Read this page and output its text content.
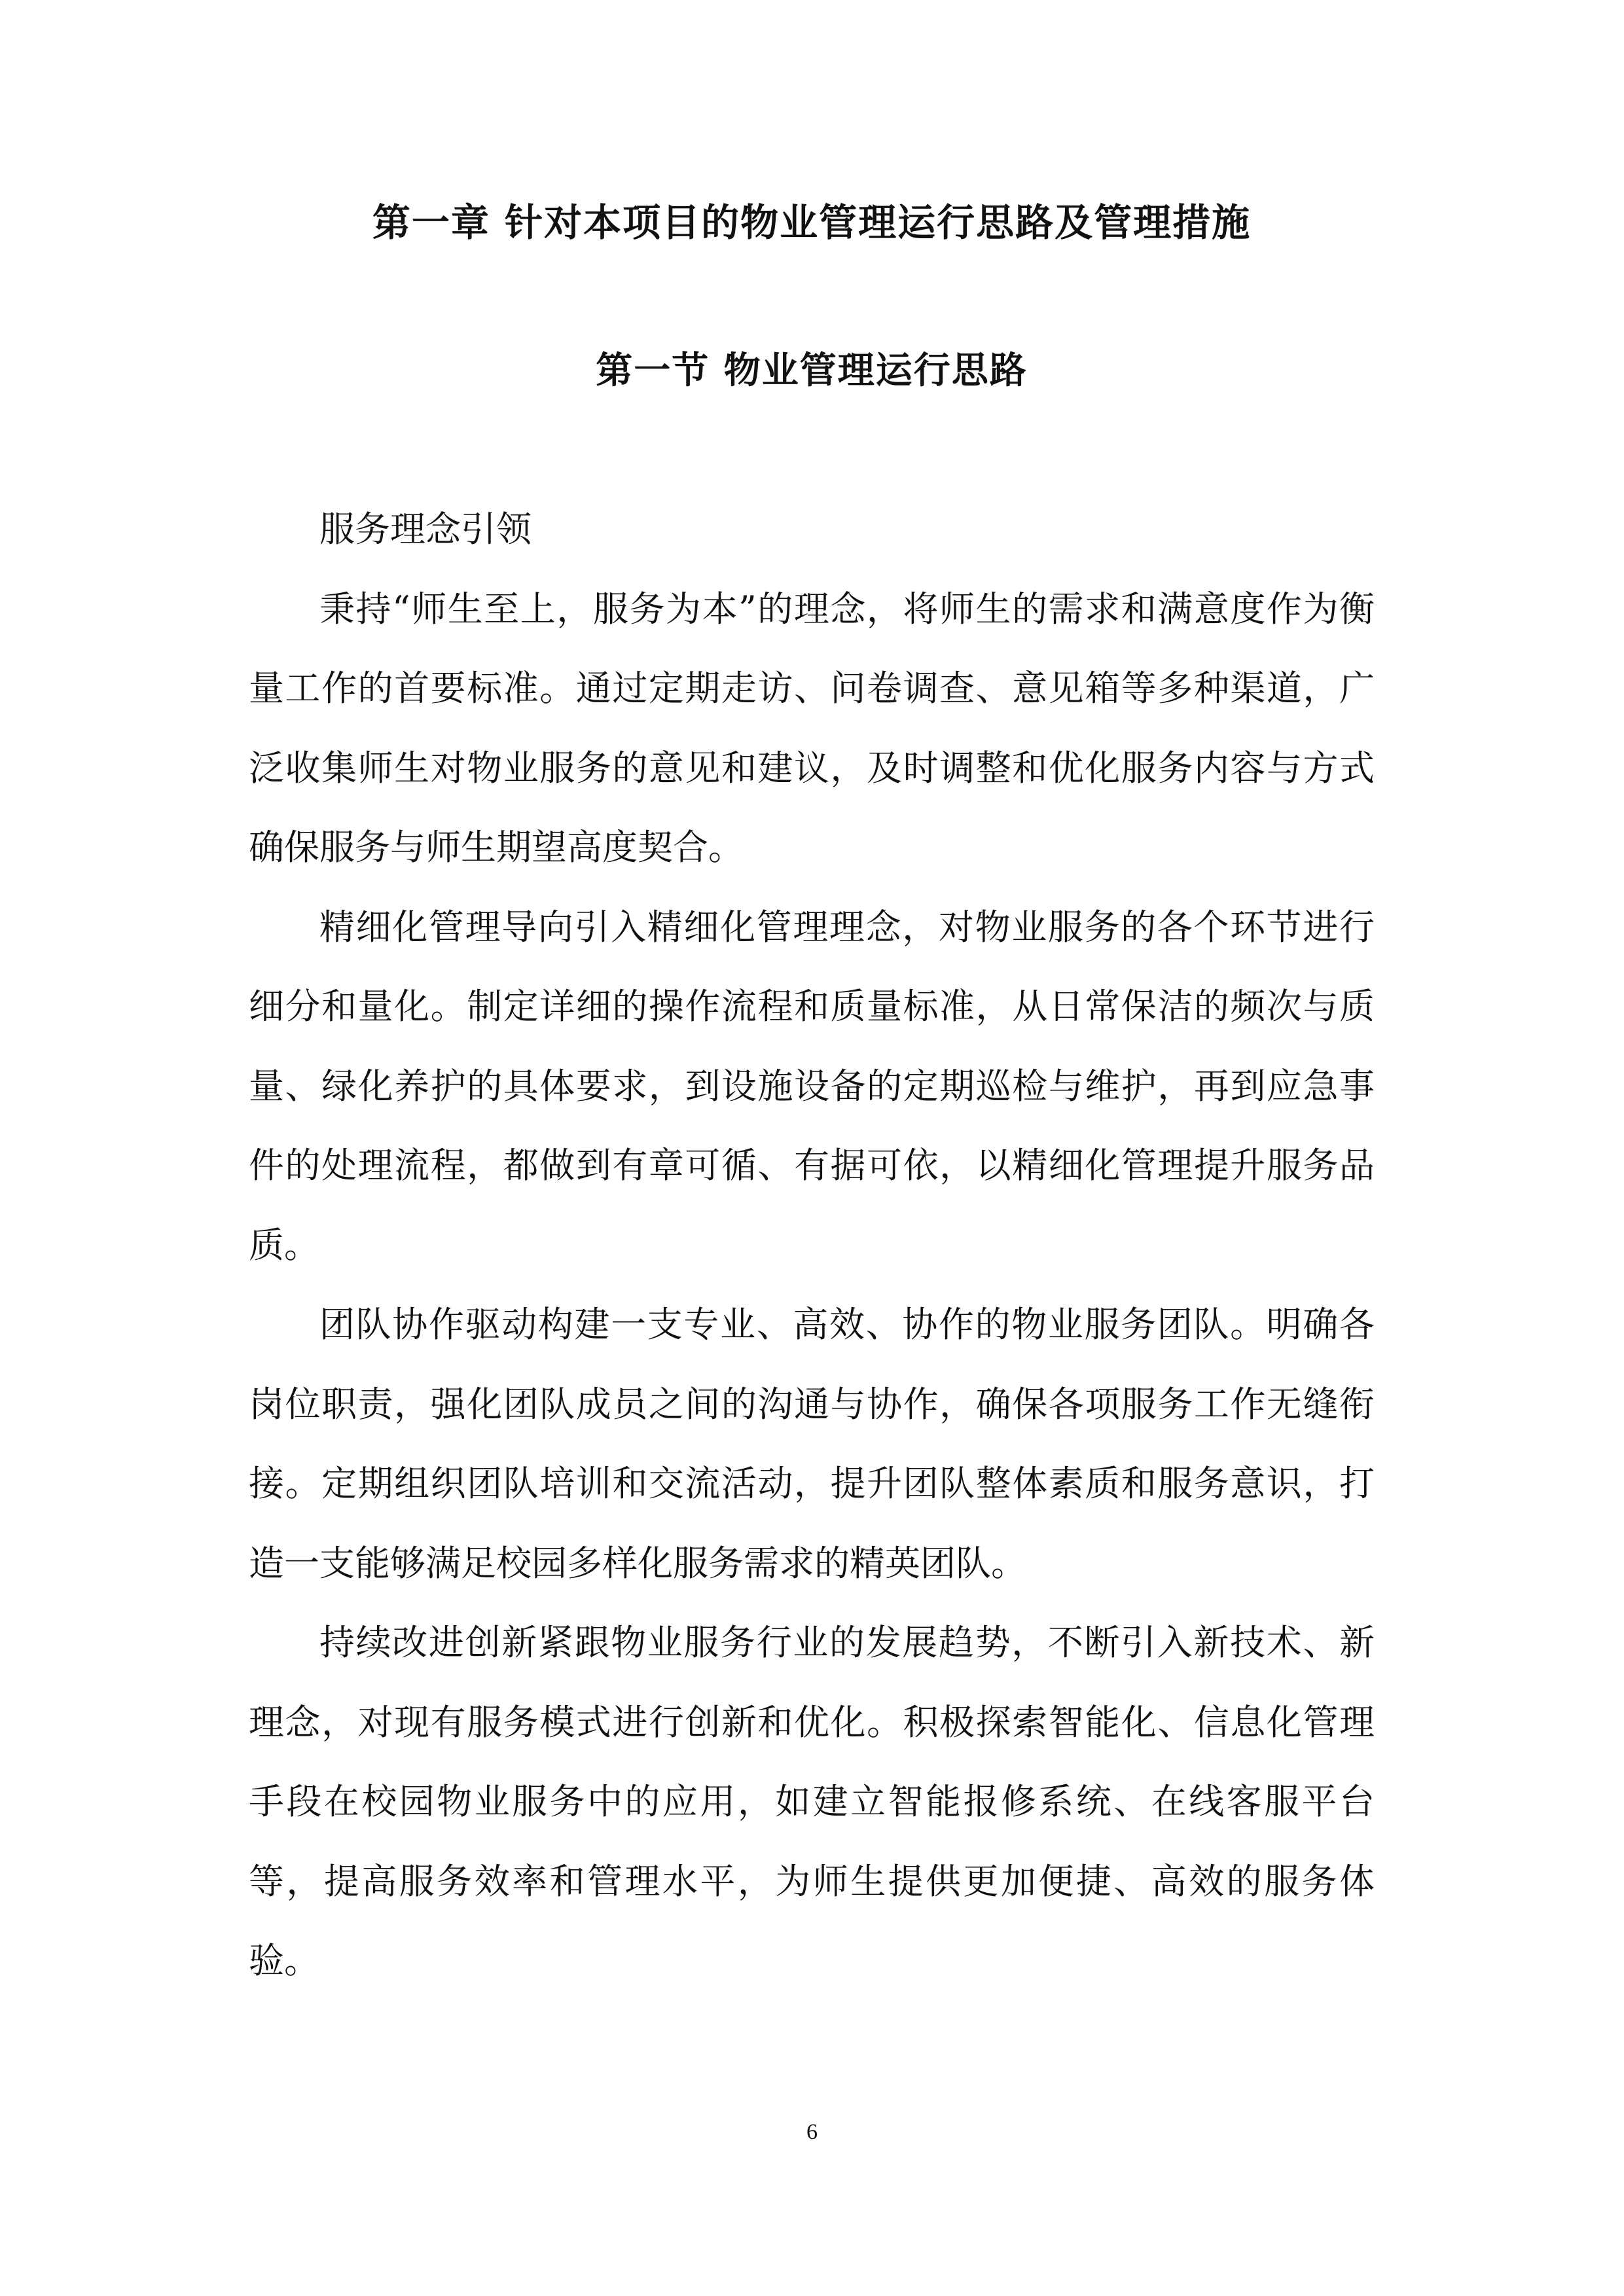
第一章 针对本项目的物业管理运行思路及管理措施
第一节 物业管理运行思路

服务理念引领

秉持“师生至上，服务为本”的理念，将师生的需求和满意度作为衡量工作的首要标准。通过定期走访、问卷调查、意见箱等多种渠道，广泛收集师生对物业服务的意见和建议，及时调整和优化服务内容与方式确保服务与师生期望高度契合。

精细化管理导向引入精细化管理理念，对物业服务的各个环节进行细分和量化。制定详细的操作流程和质量标准，从日常保洁的频次与质量、绿化养护的具体要求，到设施设备的定期巡检与维护，再到应急事件的处理流程，都做到有章可循、有据可依，以精细化管理提升服务品质。

团队协作驱动构建一支专业、高效、协作的物业服务团队。明确各岗位职责，强化团队成员之间的沟通与协作，确保各项服务工作无缝衔接。定期组织团队培训和交流活动，提升团队整体素质和服务意识，打造一支能够满足校园多样化服务需求的精英团队。

持续改进创新紧跟物业服务行业的发展趋势，不断引入新技术、新理念，对现有服务模式进行创新和优化。积极探索智能化、信息化管理手段在校园物业服务中的应用，如建立智能报修系统、在线客服平台等，提高服务效率和管理水平，为师生提供更加便捷、高效的服务体验。

6
